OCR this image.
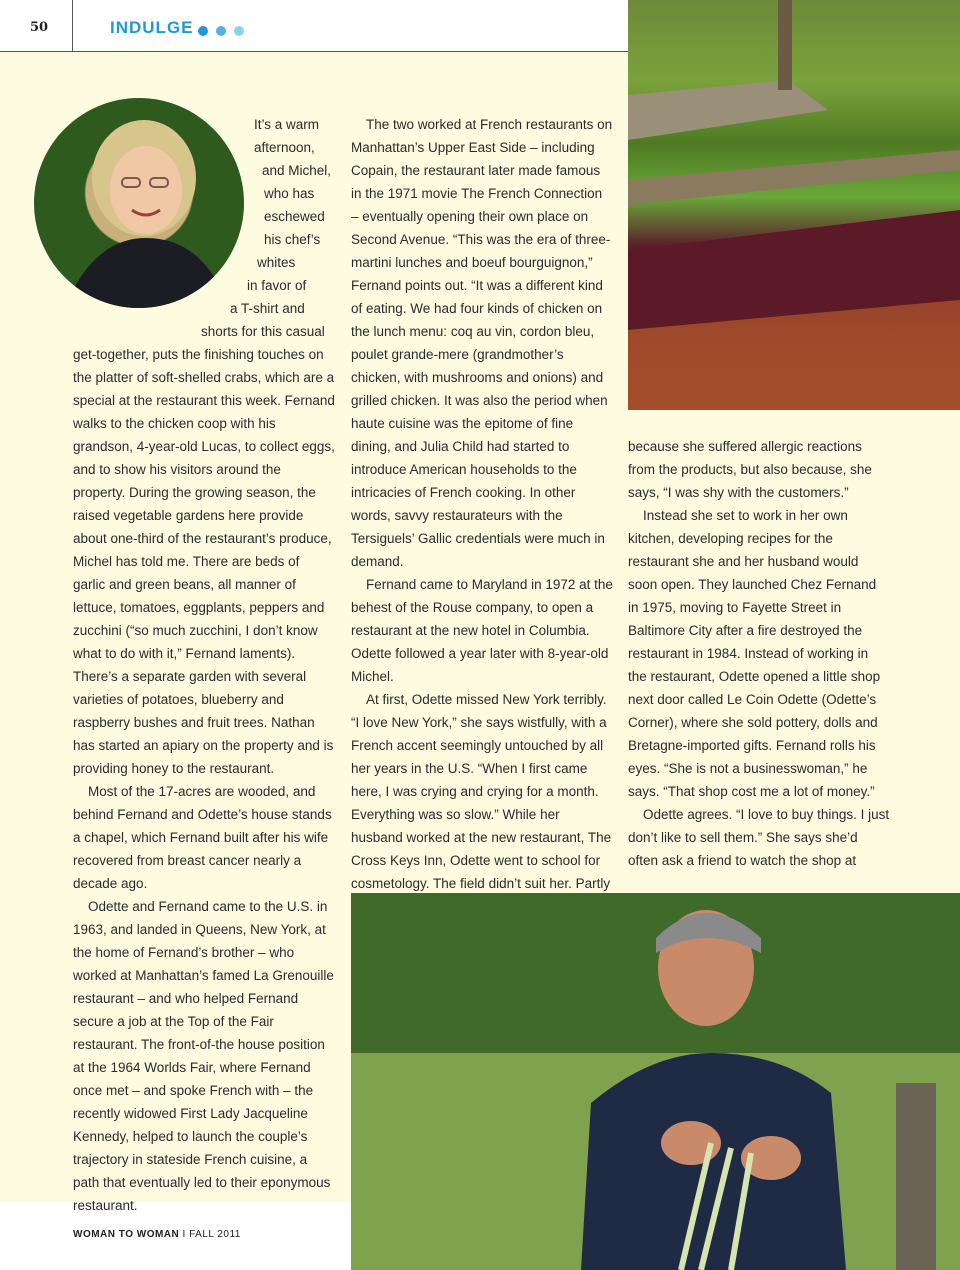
50	INDULGE

It’s a warm
afternoon,
and Michel,
who has
eschewed
his chef’s
whites
in favor of
a T-shirt and
shorts for this casual

get-together, puts the finishing touches on the platter of soft-shelled crabs, which are a special at the restaurant this week. Fernand walks to the chicken coop with his grandson, 4-year-old Lucas, to collect eggs, and to show his visitors around the property. During the growing season, the raised vegetable gardens here provide about one-third of the restaurant’s produce, Michel has told me. There are beds of garlic and green beans, all manner of lettuce, tomatoes, eggplants, peppers and zucchini (“so much zucchini, I don’t know what to do with it,” Fernand laments). There’s a separate garden with several varieties of potatoes, blueberry and raspberry bushes and fruit trees. Nathan has started an apiary on the property and is providing honey to the restaurant.

Most of the 17-acres are wooded, and behind Fernand and Odette’s house stands a chapel, which Fernand built after his wife recovered from breast cancer nearly a decade ago.

Odette and Fernand came to the U.S. in 1963, and landed in Queens, New York, at the home of Fernand’s brother – who worked at Manhattan’s famed La Grenouille restaurant – and who helped Fernand secure a job at the Top of the Fair restaurant. The front-of-the house position at the 1964 Worlds Fair, where Fernand once met – and spoke French with – the recently widowed First Lady Jacqueline Kennedy, helped to launch the couple’s trajectory in stateside French cuisine, a path that eventually led to their eponymous restaurant.

The two worked at French restaurants on Manhattan’s Upper East Side – including Copain, the restaurant later made famous in the 1971 movie The French Connection – eventually opening their own place on Second Avenue. “This was the era of three-martini lunches and boeuf bourguignon,” Fernand points out. “It was a different kind of eating. We had four kinds of chicken on the lunch menu: coq au vin, cordon bleu, poulet grande-mere (grandmother’s chicken, with mushrooms and onions) and grilled chicken. It was also the period when haute cuisine was the epitome of fine dining, and Julia Child had started to introduce American households to the intricacies of French cooking. In other words, savvy restaurateurs with the Tersiguels’ Gallic credentials were much in demand.

Fernand came to Maryland in 1972 at the behest of the Rouse company, to open a restaurant at the new hotel in Columbia. Odette followed a year later with 8-year-old Michel.

At first, Odette missed New York terribly. “I love New York,” she says wistfully, with a French accent seemingly untouched by all her years in the U.S. “When I first came here, I was crying and crying for a month. Everything was so slow.” While her husband worked at the new restaurant, The Cross Keys Inn, Odette went to school for cosmetology. The field didn’t suit her. Partly

because she suffered allergic reactions from the products, but also because, she says, “I was shy with the customers.”

Instead she set to work in her own kitchen, developing recipes for the restaurant she and her husband would soon open. They launched Chez Fernand in 1975, moving to Fayette Street in Baltimore City after a fire destroyed the restaurant in 1984. Instead of working in the restaurant, Odette opened a little shop next door called Le Coin Odette (Odette’s Corner), where she sold pottery, dolls and Bretagne-imported gifts. Fernand rolls his eyes. “She is not a businesswoman,” he says. “That shop cost me a lot of money.”

Odette agrees. “I love to buy things. I just don’t like to sell them.” She says she’d often ask a friend to watch the shop at

WOMAN TO WOMAN I FALL 2011
